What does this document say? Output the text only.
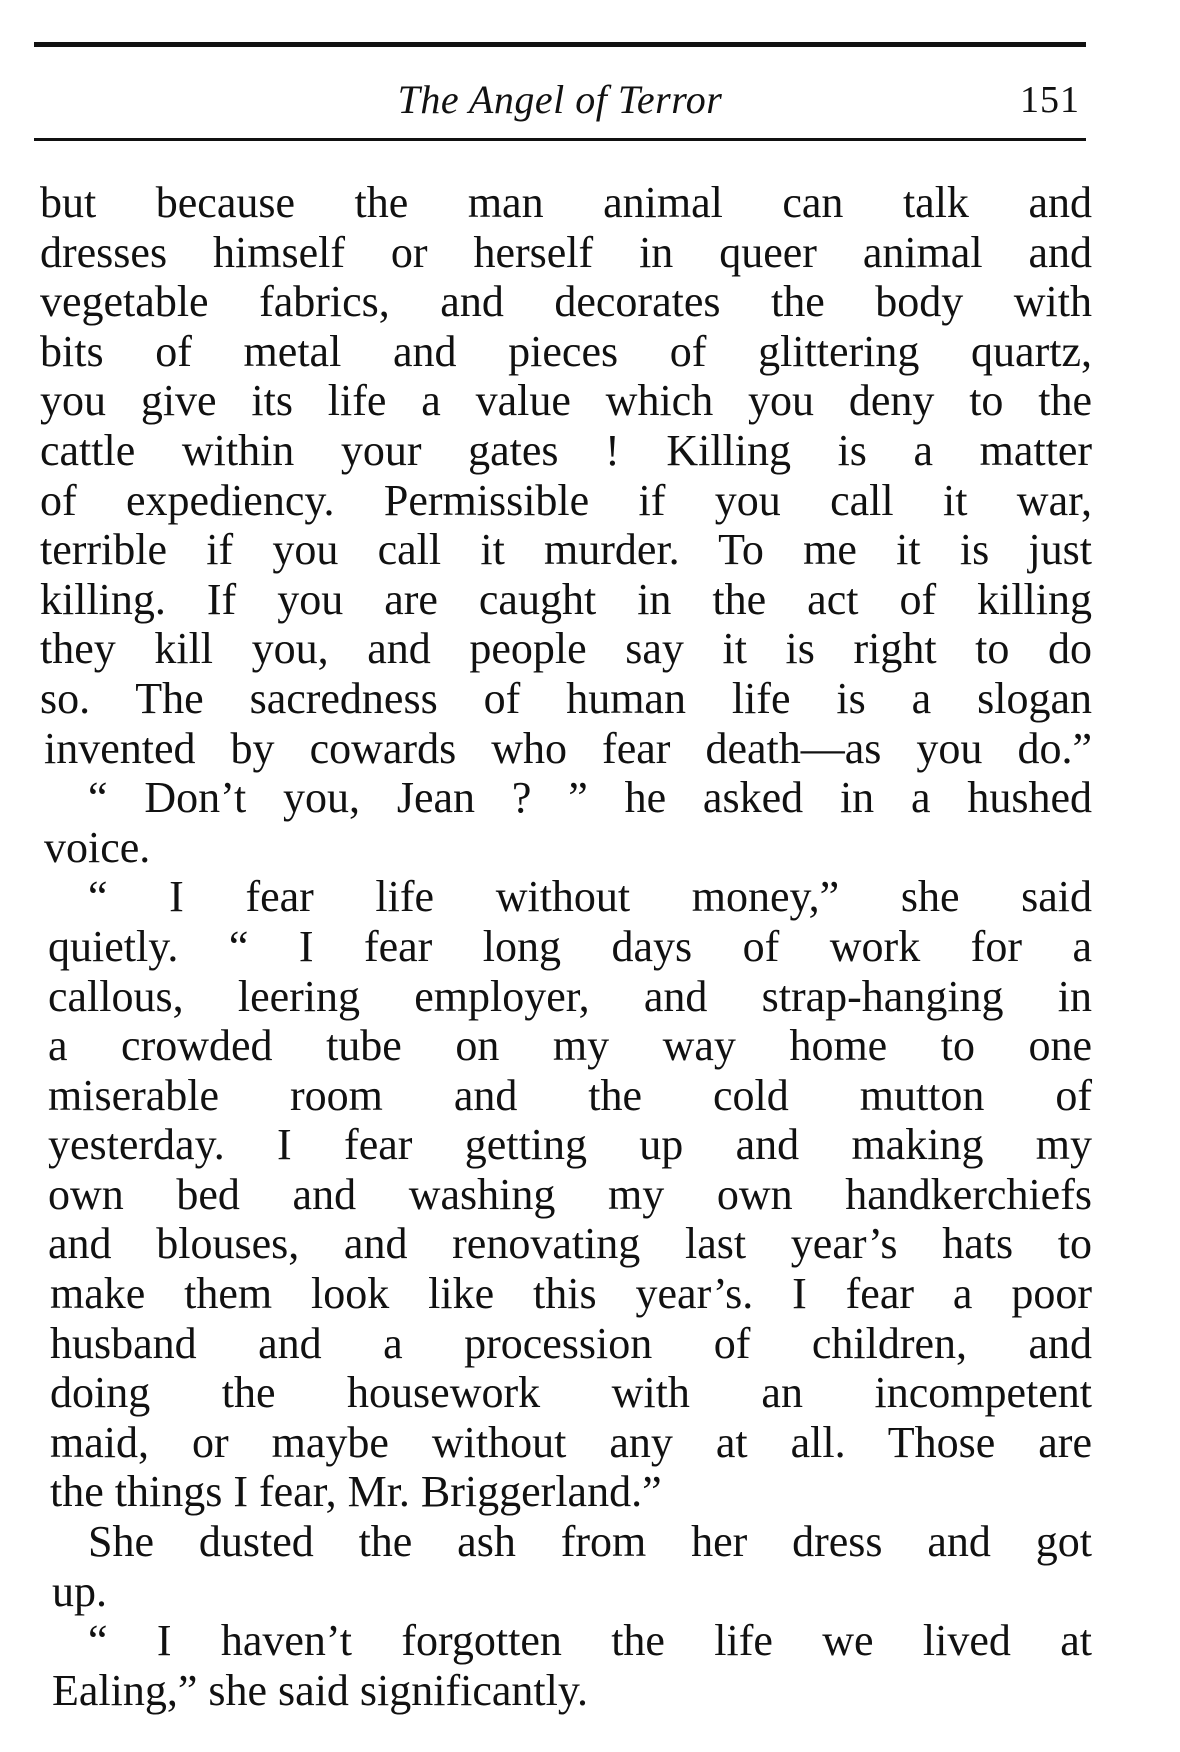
The Angel of Terror	151
but because the man animal can talk and
dresses himself or herself in queer animal and
vegetable fabrics, and decorates the body with
bits of metal and pieces of glittering quartz,
you give its life a value which you deny to the
cattle within your gates ! Killing is a matter
of expediency. Permissible if you call it war,
terrible if you call it murder. To me it is just
killing. If you are caught in the act of killing
they kill you, and people say it is right to do
so. The sacredness of human life is a slogan
invented by cowards who fear death—as you do.”
“ Don’t you, Jean ? ” he asked in a hushed
voice.
“ I fear life without money,” she said
quietly. “ I fear long days of work for a
callous, leering employer, and strap-hanging in
a crowded tube on my way home to one
miserable room and the cold mutton of
yesterday. I fear getting up and making my
own bed and washing my own handkerchiefs
and blouses, and renovating last year’s hats to
make them look like this year’s. I fear a poor
husband and a procession of children, and
doing the housework with an incompetent
maid, or maybe without any at all. Those are
the things I fear, Mr. Briggerland.”
She dusted the ash from her dress and got
up.
“ I haven’t forgotten the life we lived at
Ealing,” she said significantly.
